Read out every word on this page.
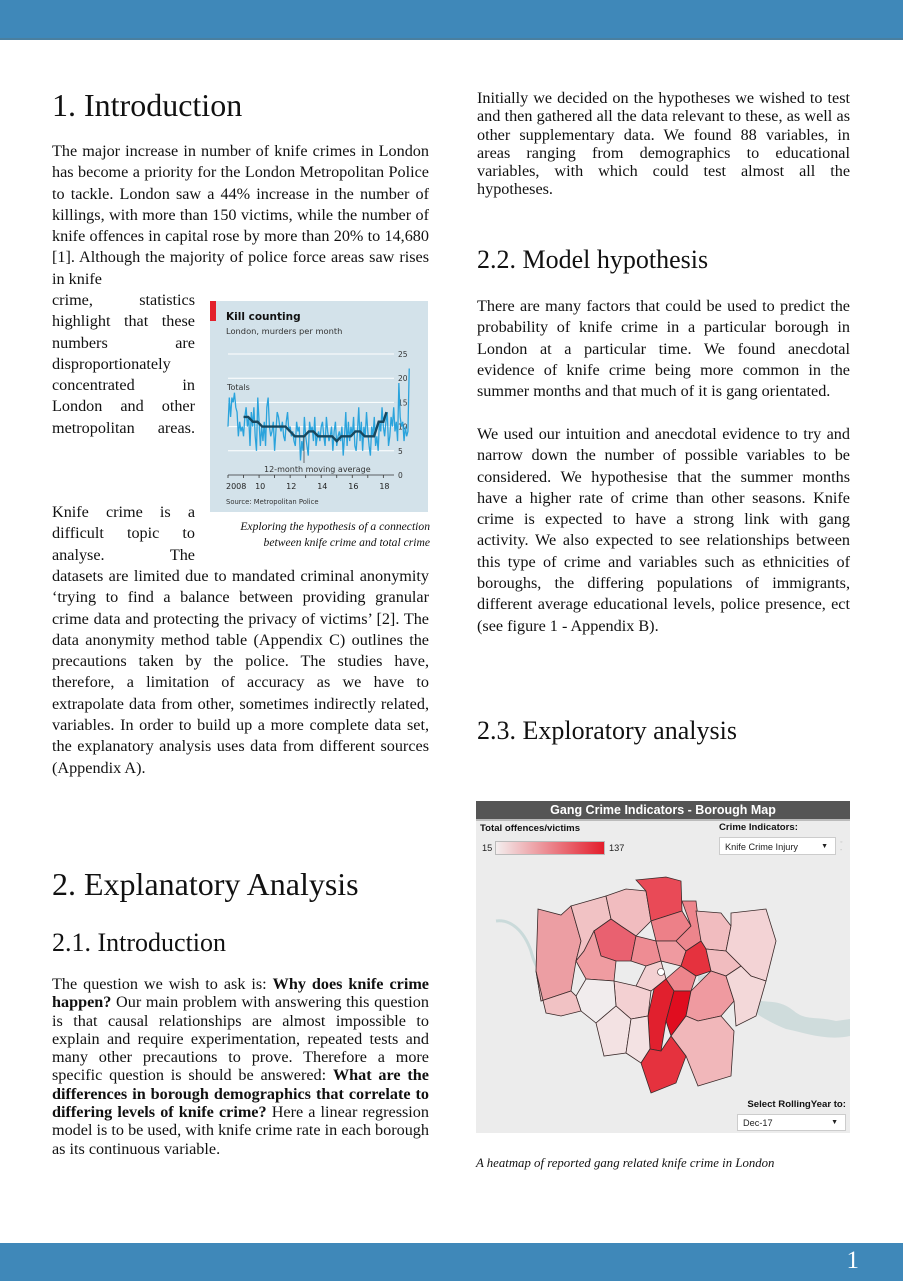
1
1. Introduction

The major increase in number of knife crimes in London has become a priority for the London Metropolitan Police to tackle. London saw a 44% increase in the number of killings, with more than 150 victims, while the number of knife offences in capital rose by more than 20% to 14,680 [1]. Although the majority of police force areas saw rises in knife

crime, statistics highlight that these numbers are disproportionately concentrated in London and other metropolitan areas.

Kill counting
London, murders per month
0
5
10
15
20
25
2008 10	12	14	16	18
Totals
12-month moving average
Source: Metropolitan Police
Exploring the hypothesis of a connection
between knife crime and total crime

Knife crime is a difficult topic to analyse. The

datasets are limited due to mandated criminal anonymity ‘trying to find a balance between providing granular crime data and protecting the privacy of victims’ [2]. The data anonymity method table (Appendix C) outlines the precautions taken by the police. The studies have, therefore, a limitation of accuracy as we have to extrapolate data from other, sometimes indirectly related, variables. In order to build up a more complete data set, the explanatory analysis uses data from different sources (Appendix A).

2. Explanatory Analysis
2.1. Introduction

The question we wish to ask is: Why does knife crime happen? Our main problem with answering this question is that causal relationships are almost impossible to explain and require experimentation, repeated tests and many other precautions to prove. Therefore a more specific question is should be answered: What are the differences in borough demographics that correlate to differing levels of knife crime? Here a linear regression model is to be used, with knife crime rate in each borough as its continuous variable.

Initially we decided on the hypotheses we wished to test and then gathered all the data relevant to these, as well as other supplementary data. We found 88 variables, in areas ranging from demographics to educational variables, with which could test almost all the hypotheses.

2.2. Model hypothesis

There are many factors that could be used to predict the probability of knife crime in a particular borough in London at a particular time. We found anecdotal evidence of knife crime being more common in the summer months and that much of it is gang orientated.

We used our intuition and anecdotal evidence to try and narrow down the number of possible variables to be considered. We hypothesise that the summer months have a higher rate of crime than other seasons. Knife crime is expected to have a strong link with gang activity. We also expected to see relationships between this type of crime and variables such as ethnicities of boroughs, the differing populations of immigrants, different average educational levels, police presence, ect (see figure 1 - Appendix B).

2.3. Exploratory analysis
Gang Crime Indicators - Borough Map
Total offences/victims
15	137
Crime Indicators:
Knife Crime Injury	▼
◦
-
Select RollingYear to:
Dec-17	▼
A heatmap of reported gang related knife crime in London
